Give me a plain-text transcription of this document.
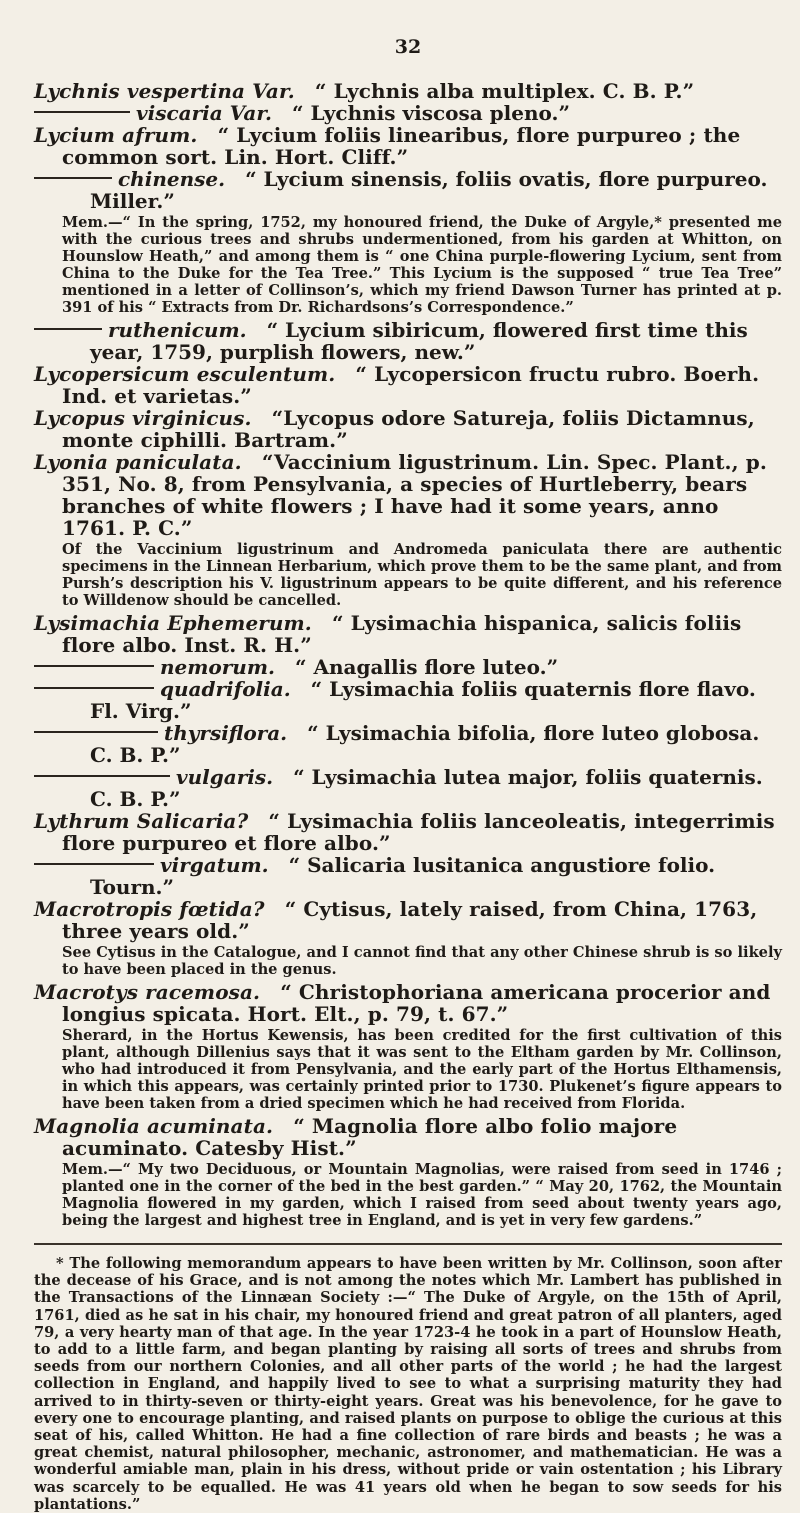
32

Lychnis vespertina Var.  “ Lychnis alba multiplex. C. B. P.”

viscaria Var.  “ Lychnis viscosa pleno.”

Lycium afrum.  “ Lycium foliis linearibus, flore purpureo ; the common sort. Lin. Hort. Cliff.”

chinense.  “ Lycium sinensis, foliis ovatis, flore purpureo. Miller.”

Mem.—“ In the spring, 1752, my honoured friend, the Duke of Argyle,* presented me with the curious trees and shrubs undermentioned, from his garden at Whitton, on Hounslow Heath,” and among them is “ one China purple-flowering Lycium, sent from China to the Duke for the Tea Tree.” This Lycium is the supposed “ true Tea Tree” mentioned in a letter of Collinson’s, which my friend Dawson Turner has printed at p. 391 of his “ Extracts from Dr. Richardsons’s Correspondence.”

ruthenicum.  “ Lycium sibiricum, flowered first time this year, 1759, purplish flowers, new.”

Lycopersicum esculentum.  “ Lycopersicon fructu rubro. Boerh. Ind. et varietas.”

Lycopus virginicus.  “Lycopus odore Satureja, foliis Dictamnus, monte ciphilli. Bartram.”

Lyonia paniculata.  “Vaccinium ligustrinum. Lin. Spec. Plant., p. 351, No. 8, from Pensylvania, a species of Hurtleberry, bears branches of white flowers ; I have had it some years, anno 1761. P. C.”

Of the Vaccinium ligustrinum and Andromeda paniculata there are authentic specimens in the Linnean Herbarium, which prove them to be the same plant, and from Pursh’s description his V. ligustrinum appears to be quite different, and his reference to Willdenow should be cancelled.

Lysimachia Ephemerum.  “ Lysimachia hispanica, salicis foliis flore albo. Inst. R. H.”

nemorum.  “ Anagallis flore luteo.”

quadrifolia.  “ Lysimachia foliis quaternis flore flavo. Fl. Virg.”

thyrsiflora.  “ Lysimachia bifolia, flore luteo globosa. C. B. P.”

vulgaris.  “ Lysimachia lutea major, foliis quaternis. C. B. P.”

Lythrum Salicaria?  “ Lysimachia foliis lanceoleatis, integerrimis flore purpureo et flore albo.”

virgatum.  “ Salicaria lusitanica angustiore folio. Tourn.”

Macrotropis fœtida?  “ Cytisus, lately raised, from China, 1763, three years old.”

See Cytisus in the Catalogue, and I cannot find that any other Chinese shrub is so likely to have been placed in the genus.

Macrotys racemosa.  “ Christophoriana americana procerior and longius spicata. Hort. Elt., p. 79, t. 67.”

Sherard, in the Hortus Kewensis, has been credited for the first cultivation of this plant, although Dillenius says that it was sent to the Eltham garden by Mr. Collinson, who had introduced it from Pensylvania, and the early part of the Hortus Elthamensis, in which this appears, was certainly printed prior to 1730. Plukenet’s figure appears to have been taken from a dried specimen which he had received from Florida.

Magnolia acuminata.  “ Magnolia flore albo folio majore acuminato. Catesby Hist.”

Mem.—“ My two Deciduous, or Mountain Magnolias, were raised from seed in 1746 ; planted one in the corner of the bed in the best garden.” “ May 20, 1762, the Mountain Magnolia flowered in my garden, which I raised from seed about twenty years ago, being the largest and highest tree in England, and is yet in very few gardens.”

* The following memorandum appears to have been written by Mr. Collinson, soon after the decease of his Grace, and is not among the notes which Mr. Lambert has published in the Transactions of the Linnæan Society :—“ The Duke of Argyle, on the 15th of April, 1761, died as he sat in his chair, my honoured friend and great patron of all planters, aged 79, a very hearty man of that age. In the year 1723-4 he took in a part of Hounslow Heath, to add to a little farm, and began planting by raising all sorts of trees and shrubs from seeds from our northern Colonies, and all other parts of the world ; he had the largest collection in England, and happily lived to see to what a surprising maturity they had arrived to in thirty-seven or thirty-eight years. Great was his benevolence, for he gave to every one to encourage planting, and raised plants on purpose to oblige the curious at this seat of his, called Whitton. He had a fine collection of rare birds and beasts ; he was a great chemist, natural philosopher, mechanic, astronomer, and mathematician. He was a wonderful amiable man, plain in his dress, without pride or vain ostentation ; his Library was scarcely to be equalled. He was 41 years old when he began to sow seeds for his plantations.”
